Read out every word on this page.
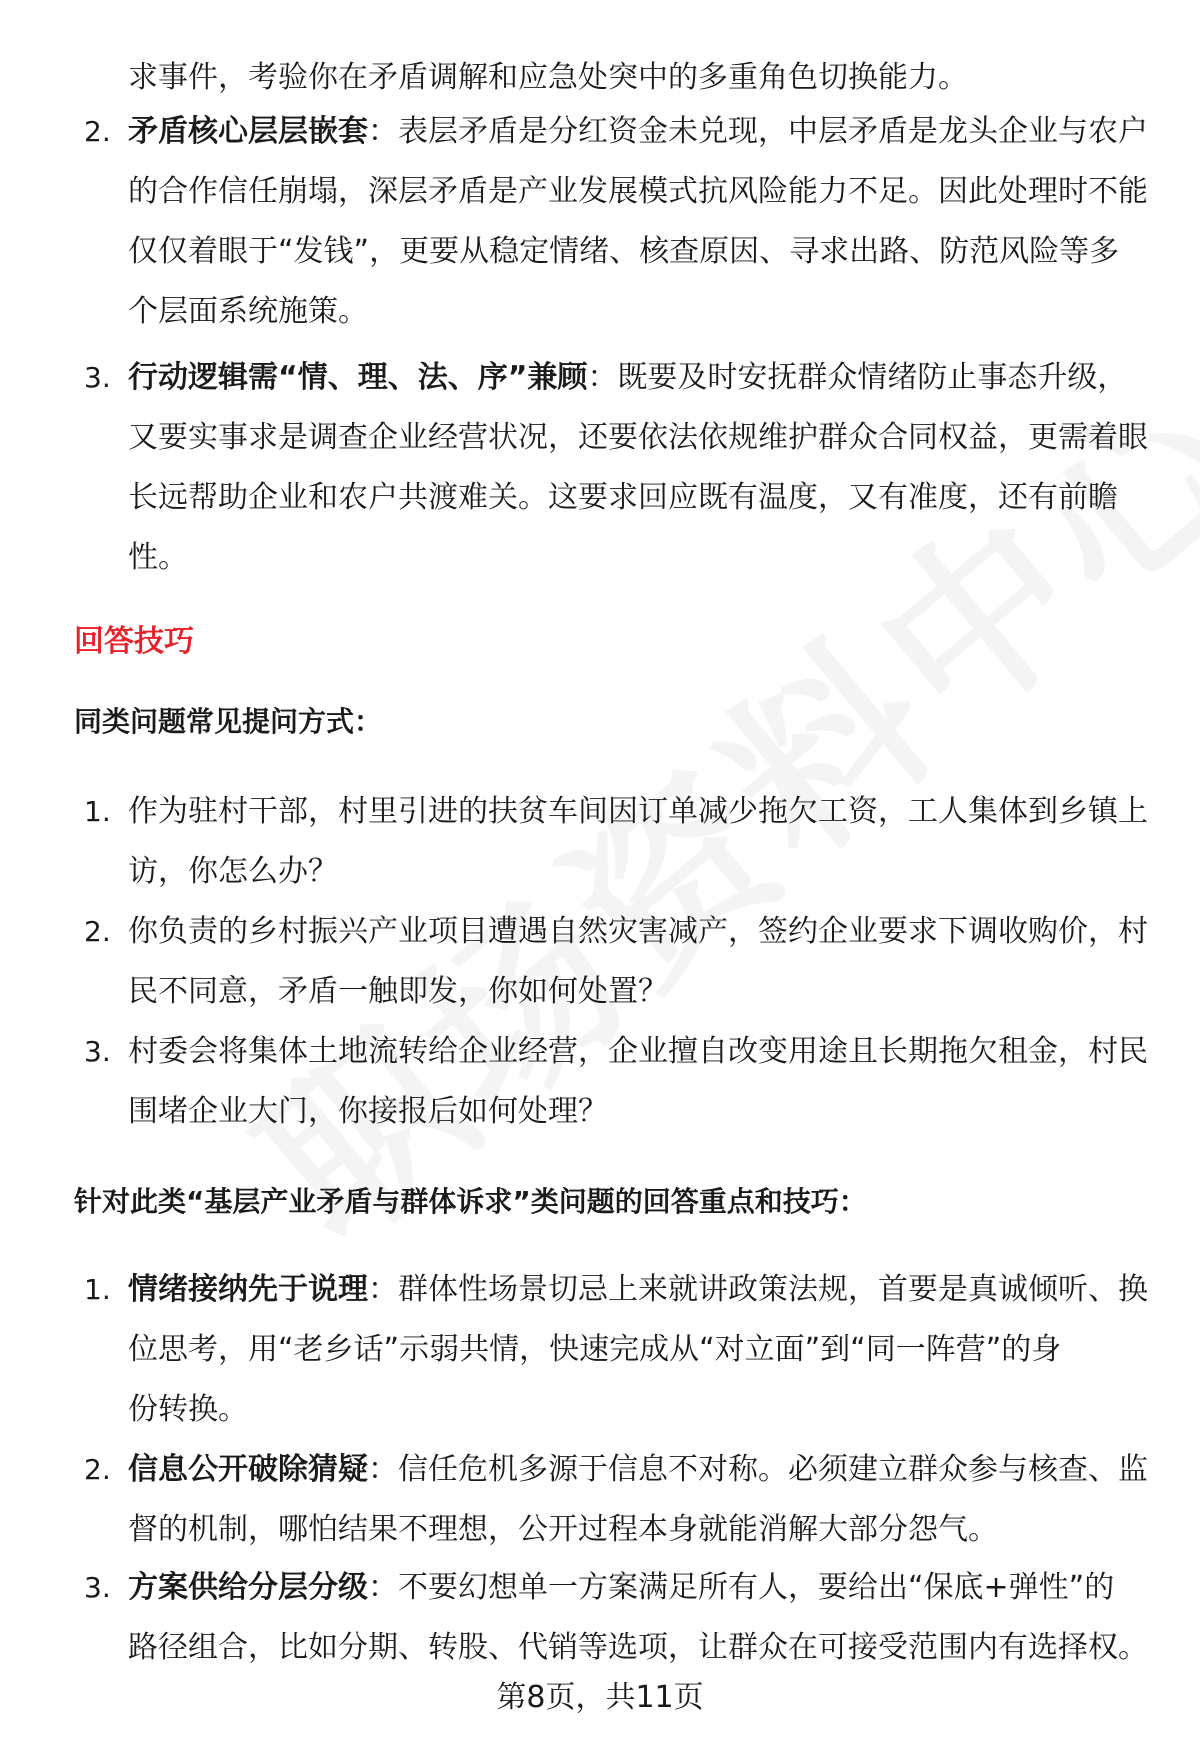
求事件，考验你在矛盾调解和应急处突中的多重角色切换能力。
2. 矛盾核心层层嵌套：表层矛盾是分红资金未兑现，中层矛盾是龙头企业与农户
的合作信任崩塌，深层矛盾是产业发展模式抗风险能力不足。因此处理时不能
仅仅着眼于“发钱”，更要从稳定情绪、核查原因、寻求出路、防范风险等多
个层面系统施策。
3. 行动逻辑需“情、理、法、序”兼顾：既要及时安抚群众情绪防止事态升级，
又要实事求是调查企业经营状况，还要依法依规维护群众合同权益，更需着眼
长远帮助企业和农户共渡难关。这要求回应既有温度，又有准度，还有前瞻
性。
回答技巧
同类问题常见提问方式：
1. 作为驻村干部，村里引进的扶贫车间因订单减少拖欠工资，工人集体到乡镇上
访，你怎么办？
2. 你负责的乡村振兴产业项目遭遇自然灾害减产，签约企业要求下调收购价，村
民不同意，矛盾一触即发，你如何处置？
3. 村委会将集体土地流转给企业经营，企业擅自改变用途且长期拖欠租金，村民
围堵企业大门，你接报后如何处理？
针对此类“基层产业矛盾与群体诉求”类问题的回答重点和技巧：
1. 情绪接纳先于说理：群体性场景切忌上来就讲政策法规，首要是真诚倾听、换
位思考，用“老乡话”示弱共情，快速完成从“对立面”到“同一阵营”的身
份转换。
2. 信息公开破除猜疑：信任危机多源于信息不对称。必须建立群众参与核查、监
督的机制，哪怕结果不理想，公开过程本身就能消解大部分怨气。
3. 方案供给分层分级：不要幻想单一方案满足所有人，要给出“保底+弹性”的
路径组合，比如分期、转股、代销等选项，让群众在可接受范围内有选择权。
第8页，共11页
